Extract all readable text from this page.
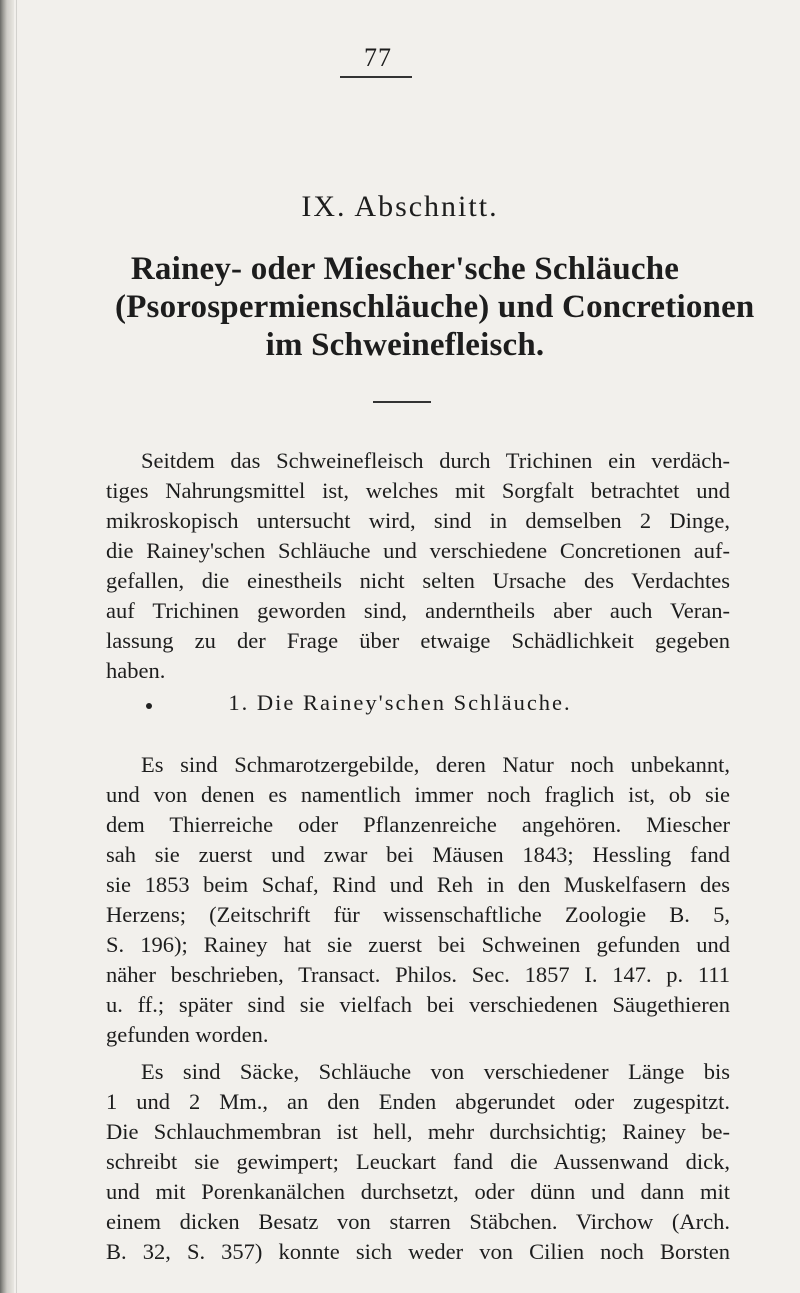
77
IX. Abschnitt.
Rainey- oder Miescher'sche Schläuche
(Psorospermienschläuche) und Concretionen
im Schweinefleisch.
Seitdem das Schweinefleisch durch Trichinen ein verdäch-
tiges Nahrungsmittel ist, welches mit Sorgfalt betrachtet und
mikroskopisch untersucht wird, sind in demselben 2 Dinge,
die Rainey'schen Schläuche und verschiedene Concretionen auf-
gefallen, die einestheils nicht selten Ursache des Verdachtes
auf Trichinen geworden sind, anderntheils aber auch Veran-
lassung zu der Frage über etwaige Schädlichkeit gegeben
haben.
1. Die Rainey'schen Schläuche.
Es sind Schmarotzergebilde, deren Natur noch unbekannt,
und von denen es namentlich immer noch fraglich ist, ob sie
dem Thierreiche oder Pflanzenreiche angehören. Miescher
sah sie zuerst und zwar bei Mäusen 1843; Hessling fand
sie 1853 beim Schaf, Rind und Reh in den Muskelfasern des
Herzens; (Zeitschrift für wissenschaftliche Zoologie B. 5,
S. 196); Rainey hat sie zuerst bei Schweinen gefunden und
näher beschrieben, Transact. Philos. Sec. 1857 I. 147. p. 111
u. ff.; später sind sie vielfach bei verschiedenen Säugethieren
gefunden worden.
Es sind Säcke, Schläuche von verschiedener Länge bis
1 und 2 Mm., an den Enden abgerundet oder zugespitzt.
Die Schlauchmembran ist hell, mehr durchsichtig; Rainey be-
schreibt sie gewimpert; Leuckart fand die Aussenwand dick,
und mit Porenkanälchen durchsetzt, oder dünn und dann mit
einem dicken Besatz von starren Stäbchen. Virchow (Arch.
B. 32, S. 357) konnte sich weder von Cilien noch Borsten
